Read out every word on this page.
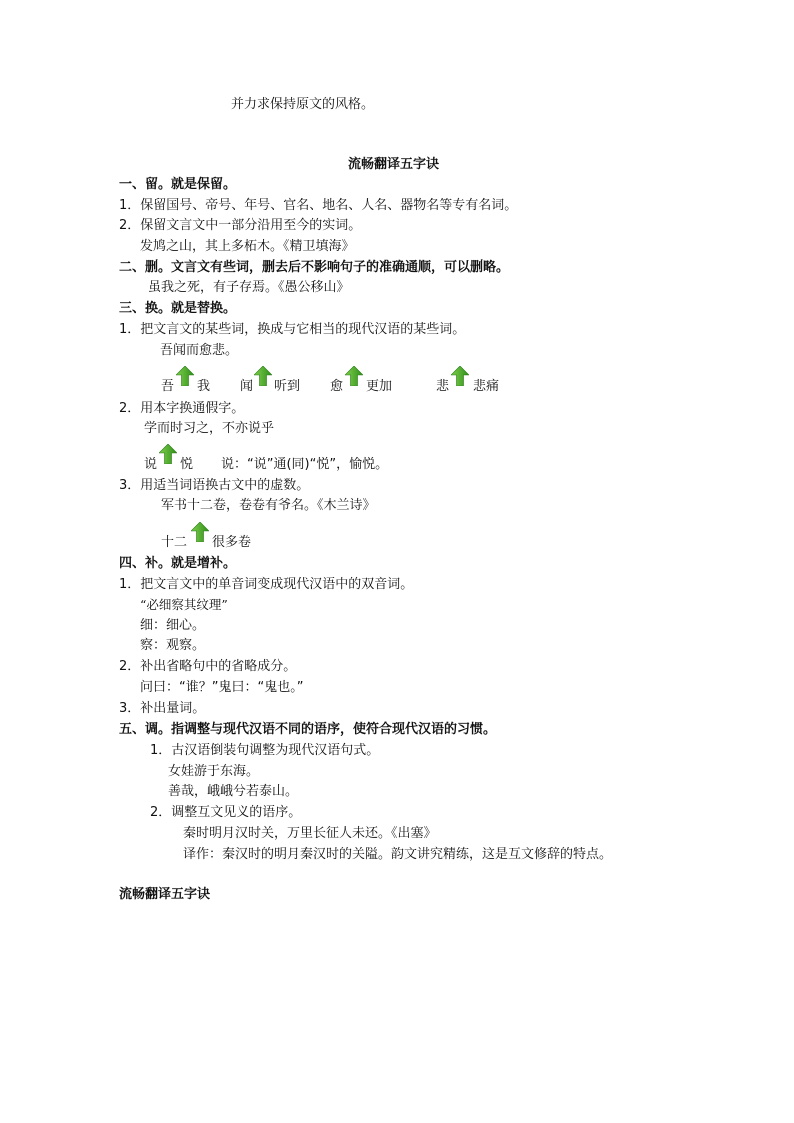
并力求保持原文的风格。
流畅翻译五字诀
一、留。就是保留。
1．保留国号、帝号、年号、官名、地名、人名、器物名等专有名词。
2．保留文言文中一部分沿用至今的实词。
发鸠之山，其上多柘木。《精卫填海》
二、删。文言文有些词，删去后不影响句子的准确通顺，可以删略。
虽我之死，有子存焉。《愚公移山》
三、换。就是替换。
1．把文言文的某些词，换成与它相当的现代汉语的某些词。
吾闻而愈悲。
吾 我 闻 听到 愈 更加	悲 悲痛
2．用本字换通假字。
学而时习之，不亦说乎
说 悦 说：“说”通(同)“悦”，愉悦。
3．用适当词语换古文中的虚数。
军书十二卷，卷卷有爷名。《木兰诗》
十二 很多卷
四、补。就是增补。
1．把文言文中的单音词变成现代汉语中的双音词。
“必细察其纹理”
细：细心。
察：观察。
2．补出省略句中的省略成分。
问曰：“谁？”鬼曰：“鬼也。”
3．补出量词。
五、调。指调整与现代汉语不同的语序，使符合现代汉语的习惯。
1．古汉语倒装句调整为现代汉语句式。
女娃游于东海。
善哉，峨峨兮若泰山。
2．调整互文见义的语序。
秦时明月汉时关，万里长征人未还。《出塞》
译作：秦汉时的明月秦汉时的关隘。韵文讲究精练，这是互文修辞的特点。
流畅翻译五字诀
